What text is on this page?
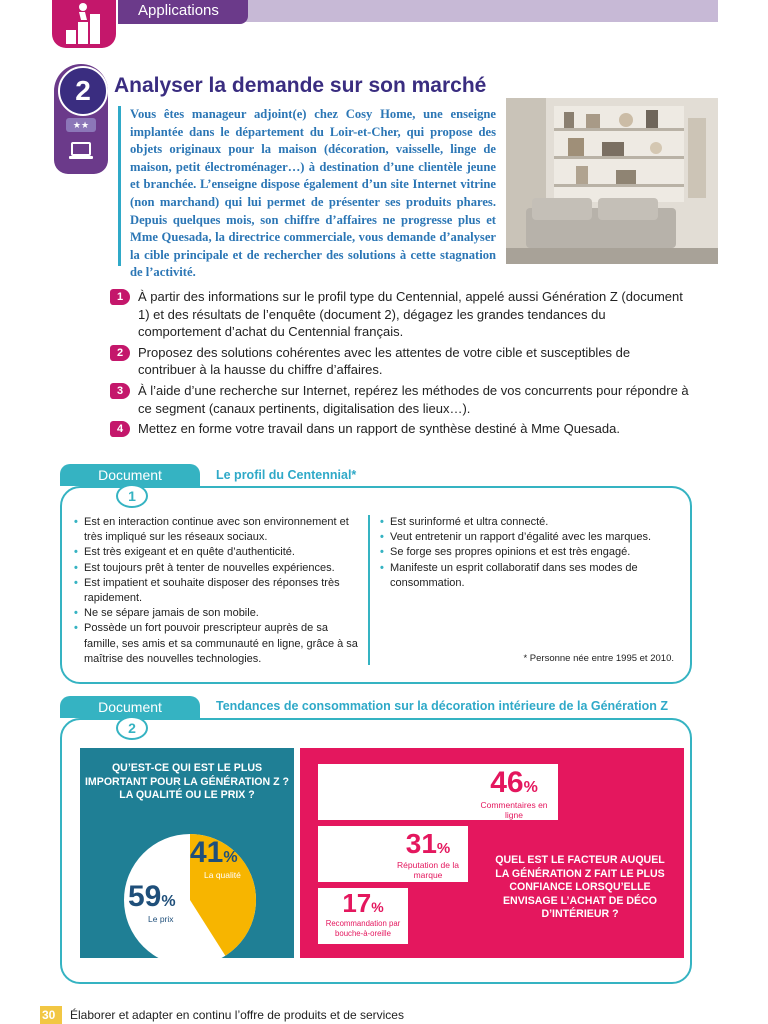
Applications
2
★★
Analyser la demande sur son marché
Vous êtes manageur adjoint(e) chez Cosy Home, une enseigne implantée dans le département du Loir-et-Cher, qui propose des objets originaux pour la maison (décoration, vaisselle, linge de maison, petit électroménager…) à destination d’une clientèle jeune et branchée. L’enseigne dispose également d’un site Internet vitrine (non marchand) qui lui permet de présenter ses produits phares. Depuis quelques mois, son chiffre d’affaires ne progresse plus et Mme Quesada, la directrice commerciale, vous demande d’analyser la cible principale et de rechercher des solutions à cette stagnation de l’activité.
1	À partir des informations sur le profil type du Centennial, appelé aussi Génération Z (document 1) et des résultats de l’enquête (document 2), dégagez les grandes tendances du comportement d’achat du Centennial français.
2	Proposez des solutions cohérentes avec les attentes de votre cible et susceptibles de contribuer à la hausse du chiffre d’affaires.
3	À l’aide d’une recherche sur Internet, repérez les méthodes de vos concurrents pour répondre à ce segment (canaux pertinents, digitalisation des lieux…).
4	Mettez en forme votre travail dans un rapport de synthèse destiné à Mme Quesada.
Document
1
Le profil du Centennial*
• Est en interaction continue avec son environnement et très impliqué sur les réseaux sociaux.
• Est très exigeant et en quête d’authenticité.
• Est toujours prêt à tenter de nouvelles expériences.
• Est impatient et souhaite disposer des réponses très rapidement.
• Ne se sépare jamais de son mobile.
• Possède un fort pouvoir prescripteur auprès de sa famille, ses amis et sa communauté en ligne, grâce à sa maîtrise des nouvelles technologies.
• Est surinformé et ultra connecté.
• Veut entretenir un rapport d’égalité avec les marques.
• Se forge ses propres opinions et est très engagé.
• Manifeste un esprit collaboratif dans ses modes de consommation.
* Personne née entre 1995 et 2010.
Document
2
Tendances de consommation sur la décoration intérieure de la Génération Z
QU’EST-CE QUI EST LE PLUS IMPORTANT POUR LA GÉNÉRATION Z ? LA QUALITÉ OU LE PRIX ?
41%
La qualité
59%
Le prix
46%
Commentaires en ligne
31%
Réputation de la marque
17%
Recommandation par bouche-à-oreille
QUEL EST LE FACTEUR AUQUEL LA GÉNÉRATION Z FAIT LE PLUS CONFIANCE LORSQU’ELLE ENVISAGE L’ACHAT DE DÉCO D’INTÉRIEUR ?
30 Élaborer et adapter en continu l’offre de produits et de services
